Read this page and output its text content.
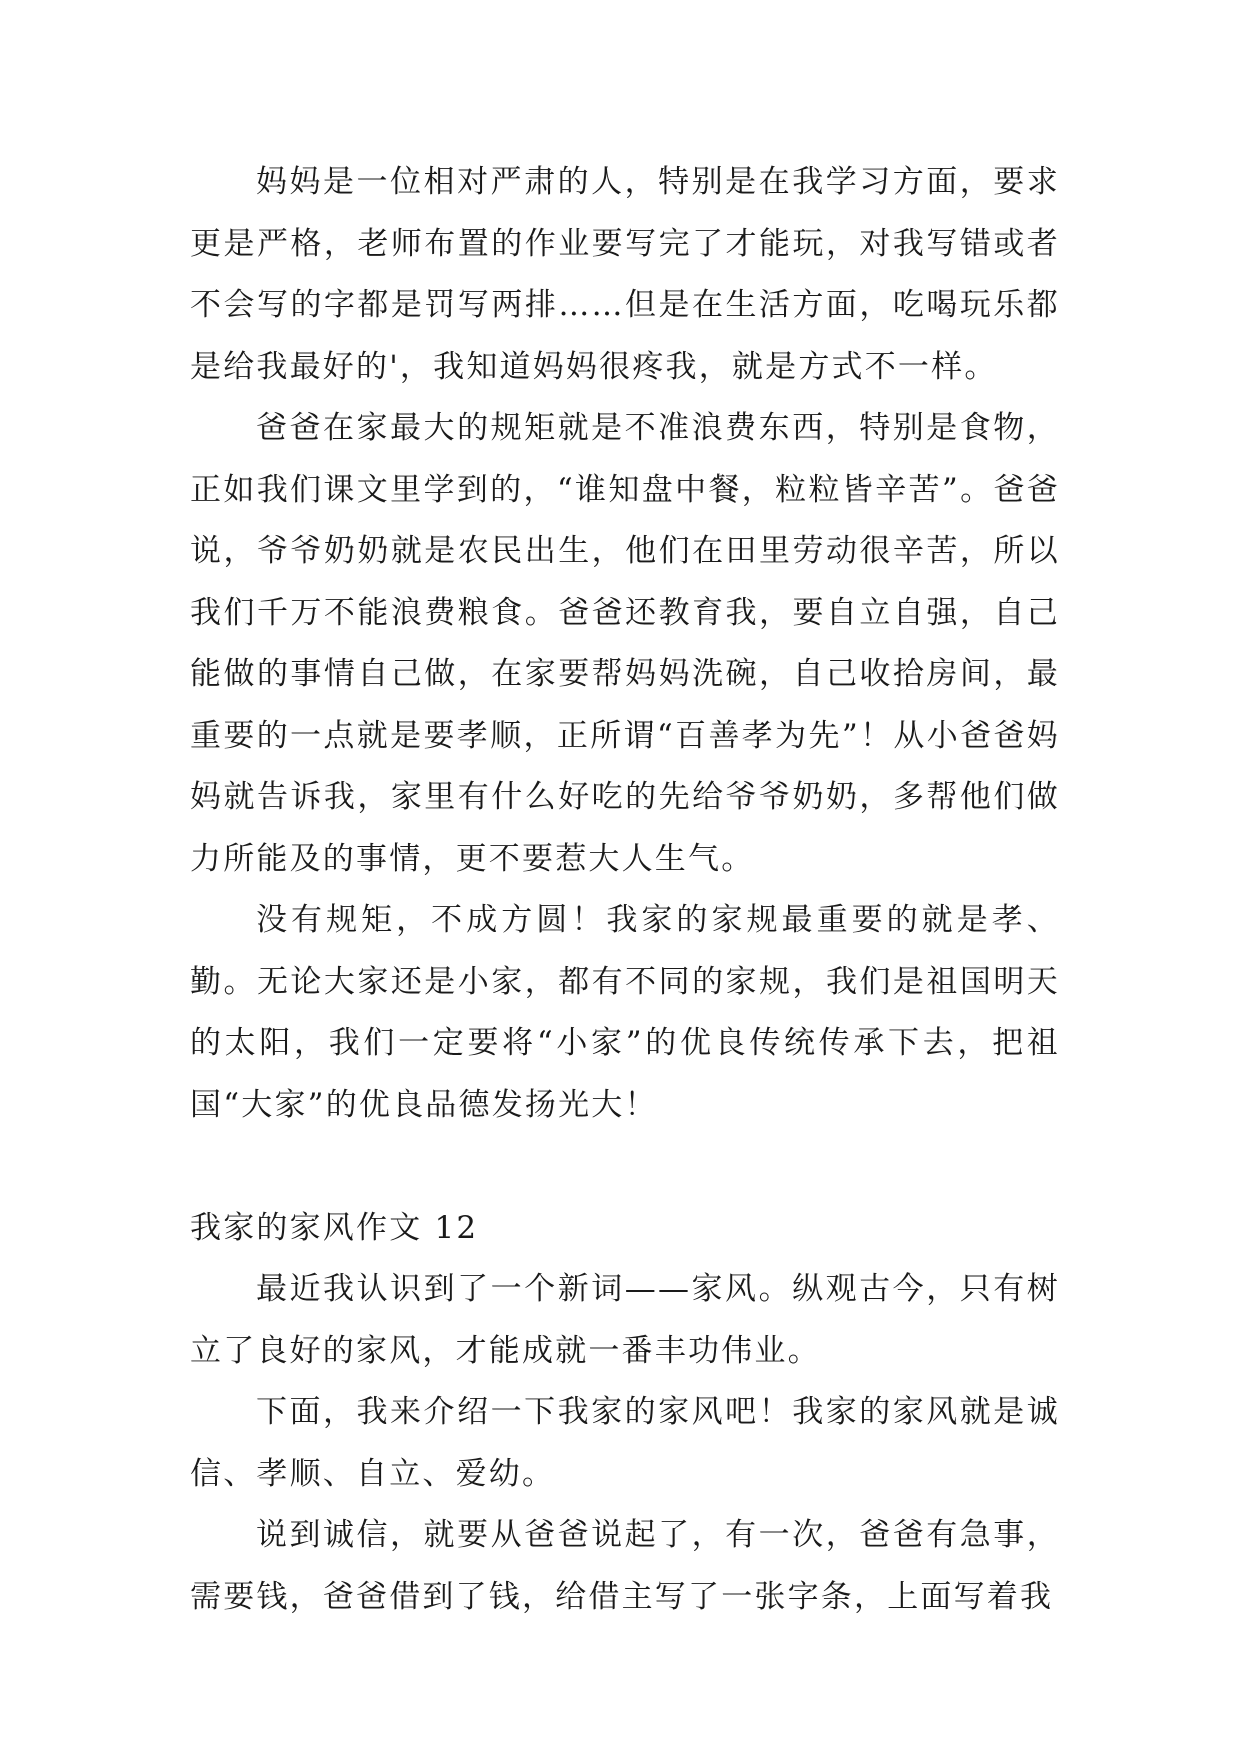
妈妈是一位相对严肃的人，特别是在我学习方面，要求更是严格，老师布置的作业要写完了才能玩，对我写错或者不会写的字都是罚写两排……但是在生活方面，吃喝玩乐都是给我最好的'，我知道妈妈很疼我，就是方式不一样。

爸爸在家最大的规矩就是不准浪费东西，特别是食物，正如我们课文里学到的，“谁知盘中餐，粒粒皆辛苦”。爸爸说，爷爷奶奶就是农民出生，他们在田里劳动很辛苦，所以我们千万不能浪费粮食。爸爸还教育我，要自立自强，自己能做的事情自己做，在家要帮妈妈洗碗，自己收拾房间，最重要的一点就是要孝顺，正所谓“百善孝为先”！从小爸爸妈妈就告诉我，家里有什么好吃的先给爷爷奶奶，多帮他们做力所能及的事情，更不要惹大人生气。

没有规矩，不成方圆！我家的家规最重要的就是孝、勤。无论大家还是小家，都有不同的家规，我们是祖国明天的太阳，我们一定要将“小家”的优良传统传承下去，把祖国“大家”的优良品德发扬光大！

我家的家风作文 12

最近我认识到了一个新词——家风。纵观古今，只有树立了良好的家风，才能成就一番丰功伟业。

下面，我来介绍一下我家的家风吧！我家的家风就是诚信、孝顺、自立、爱幼。

说到诚信，就要从爸爸说起了，有一次，爸爸有急事，需要钱，爸爸借到了钱，给借主写了一张字条，上面写着我
